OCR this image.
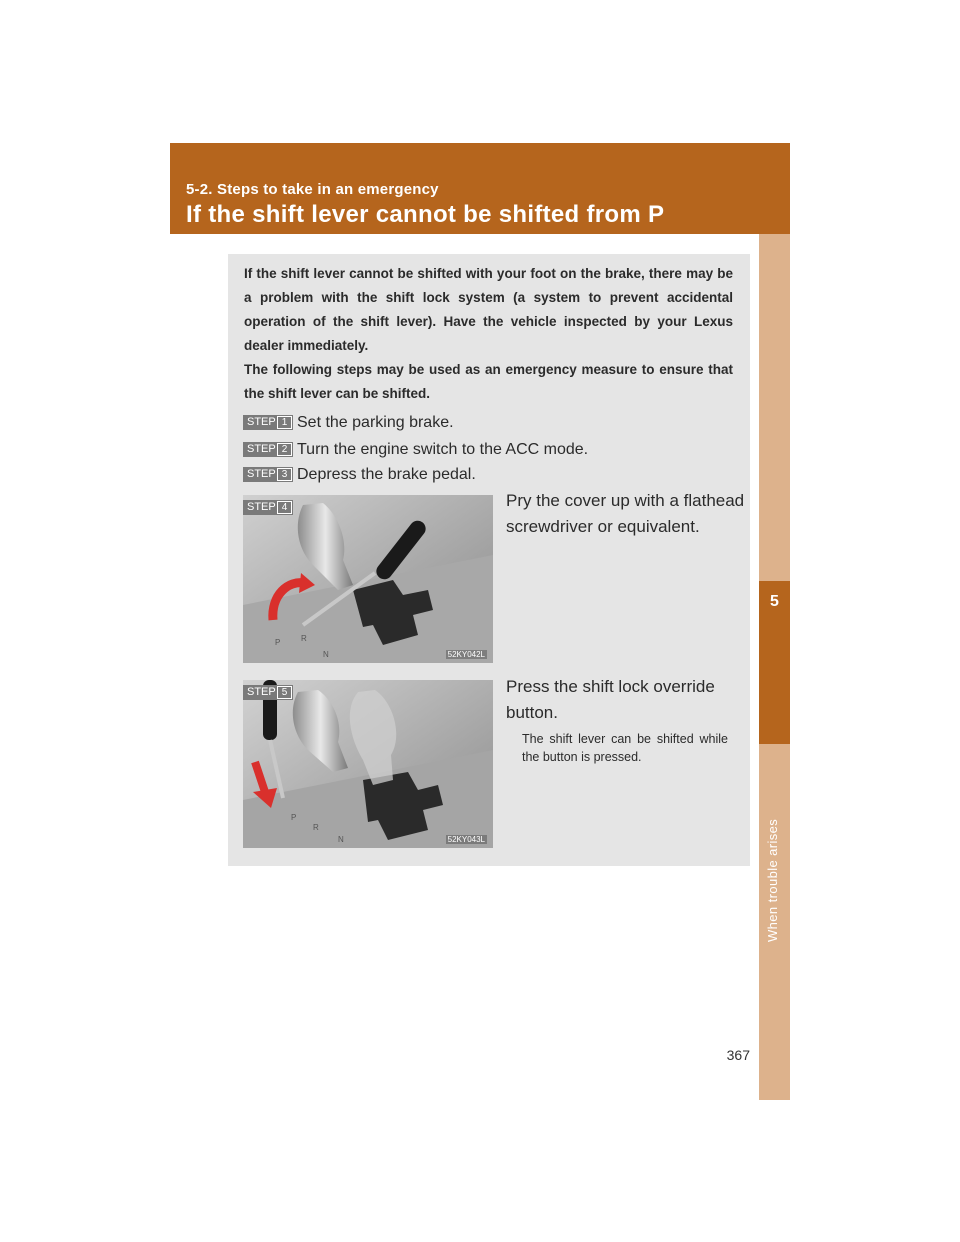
5-2. Steps to take in an emergency
If the shift lever cannot be shifted from P
5
When trouble arises

If the shift lever cannot be shifted with your foot on the brake, there may be a problem with the shift lock system (a system to prevent accidental operation of the shift lever). Have the vehicle inspected by your Lexus dealer immediately.

The following steps may be used as an emergency measure to ensure that the shift lever can be shifted.

STEP 1 Set the parking brake.
STEP 2 Turn the engine switch to the ACC mode.
STEP 3 Depress the brake pedal.
STEP 4
P	R
N	52KY042L
Pry the cover up with a flathead screwdriver or equivalent.
STEP 5
P
R
N	52KY043L
Press the shift lock override button.
The shift lever can be shifted while the button is pressed.
367
